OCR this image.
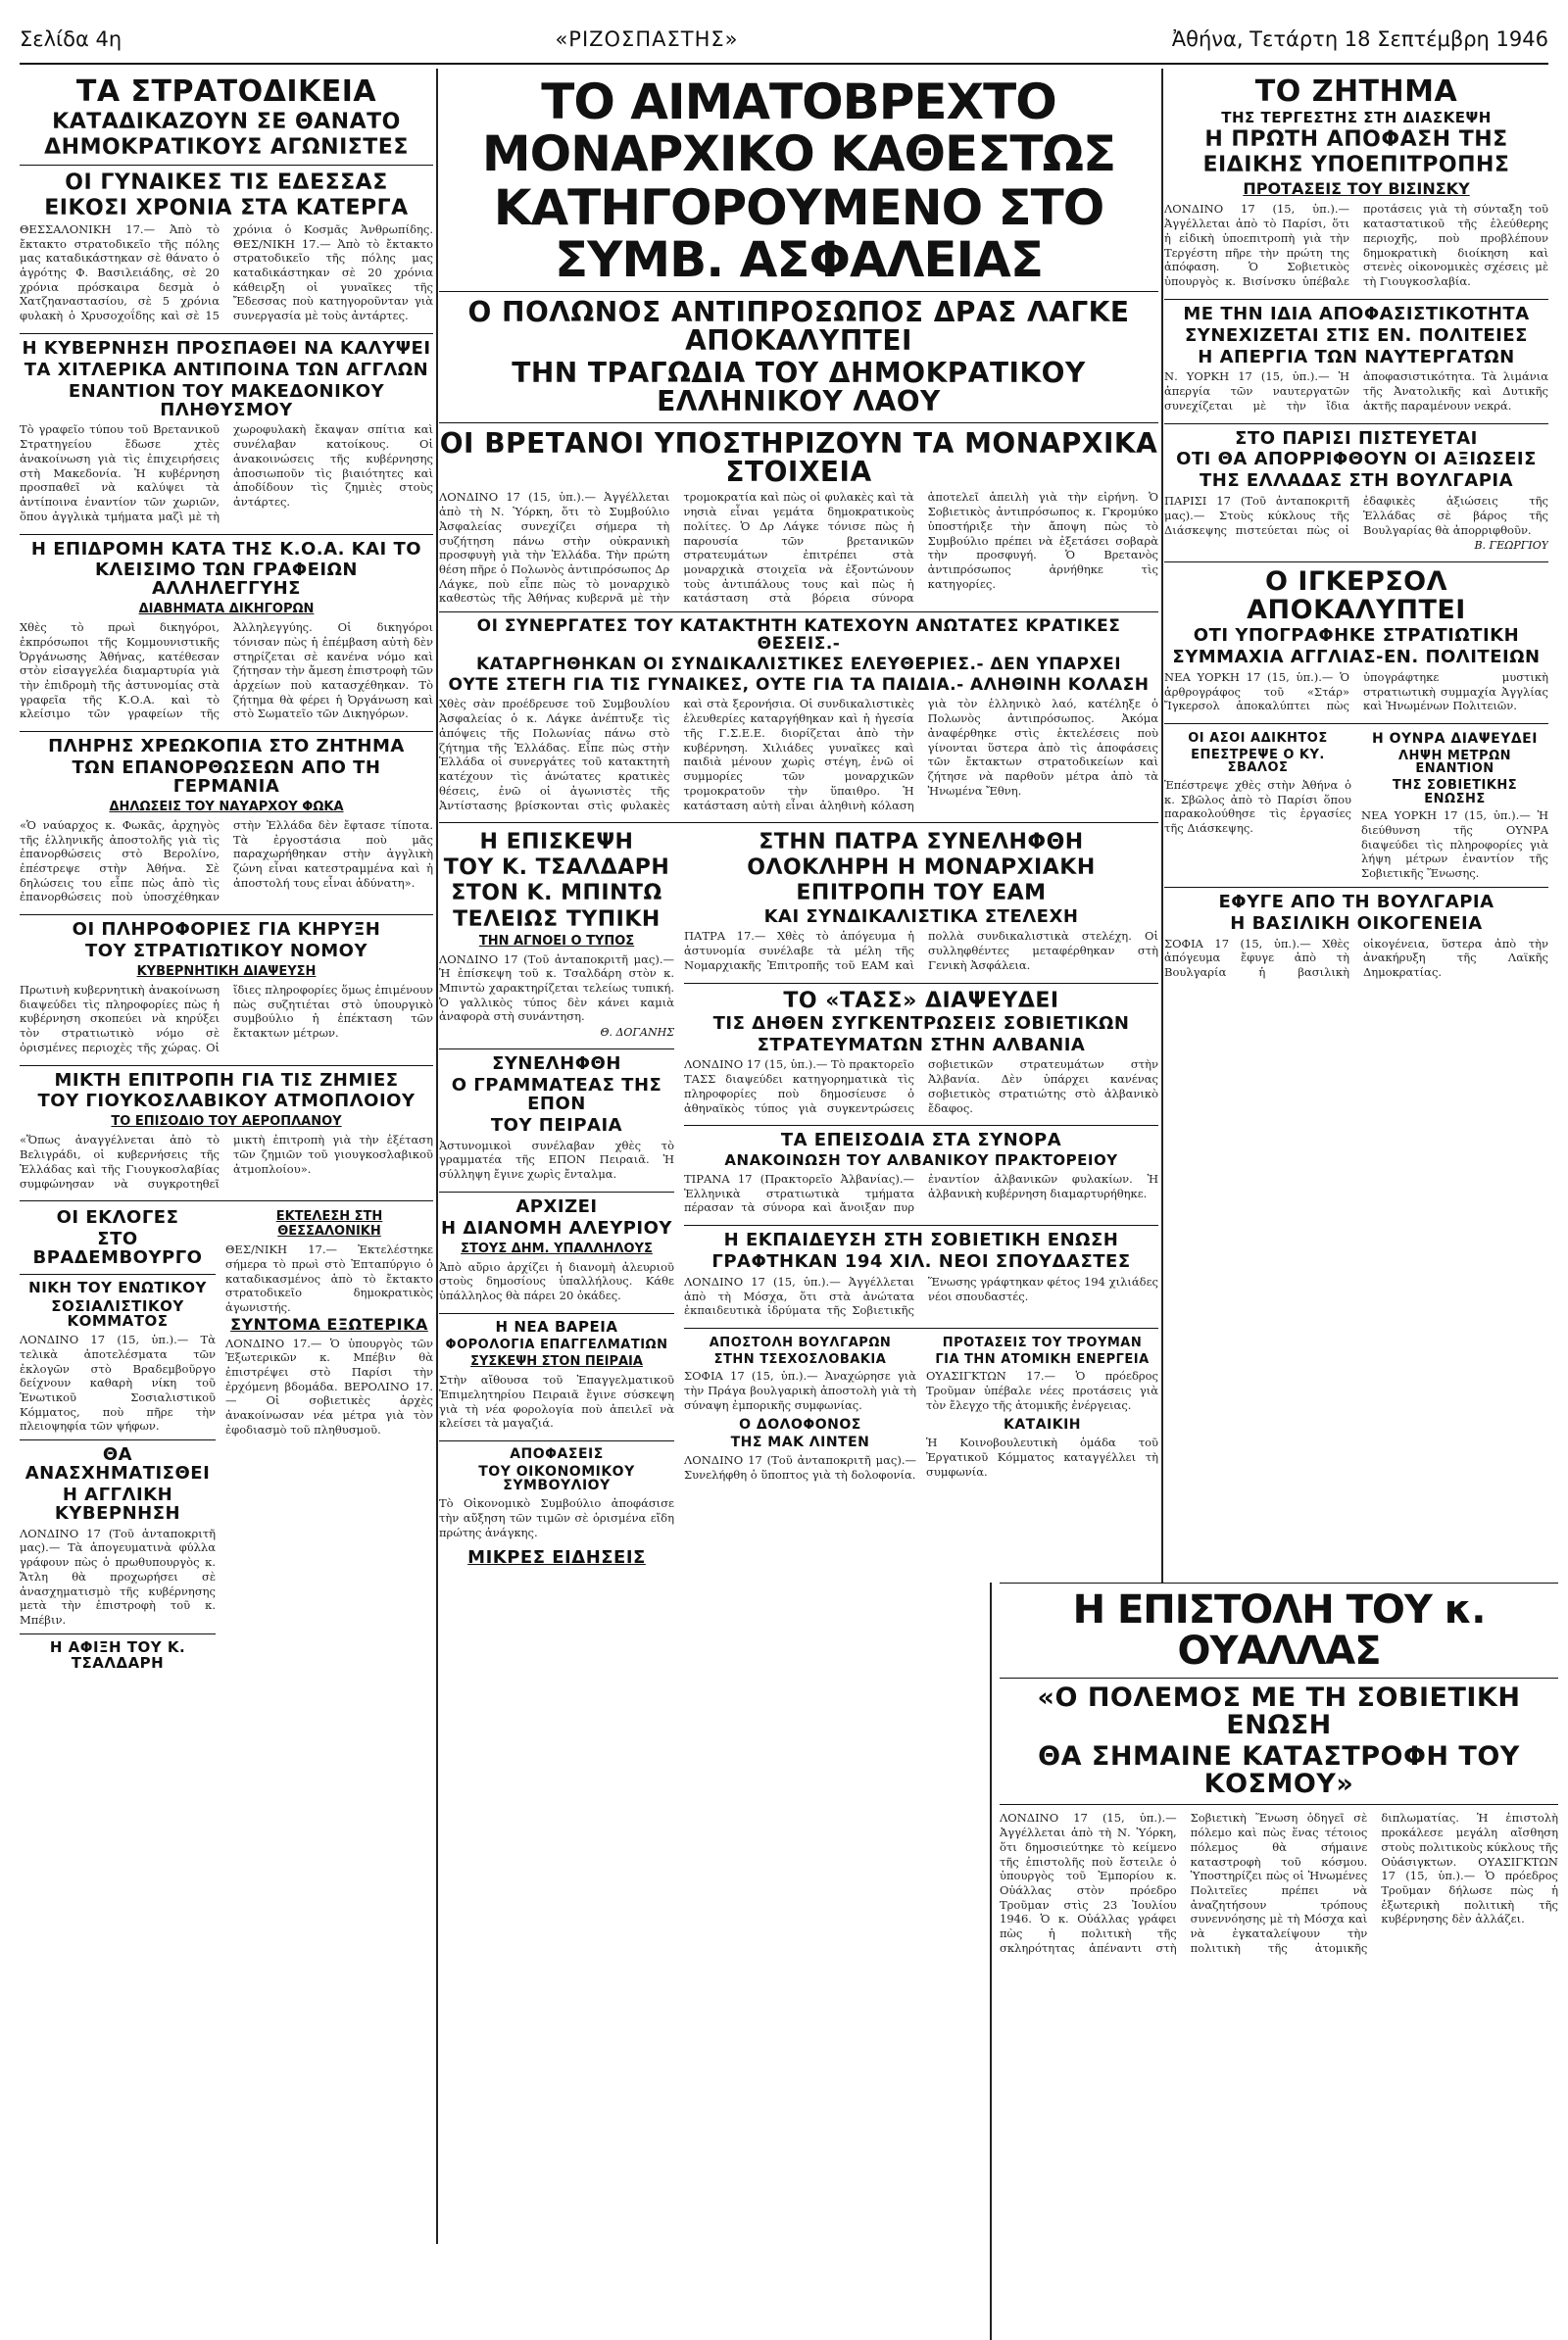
Σελίδα 4η	«ΡΙΖΟΣΠΑΣΤΗΣ»	Ἀθήνα, Τετάρτη 18 Σεπτέμβρη 1946
ΤΑ ΣΤΡΑΤΟΔΙΚΕΙΑ
ΚΑΤΑΔΙΚΑΖΟΥΝ ΣΕ ΘΑΝΑΤΟ
ΔΗΜΟΚΡΑΤΙΚΟΥΣ ΑΓΩΝΙΣΤΕΣ
ΟΙ ΓΥΝΑΙΚΕΣ ΤΙΣ ΕΔΕΣΣΑΣ
ΕΙΚΟΣΙ ΧΡΟΝΙΑ ΣΤΑ ΚΑΤΕΡΓΑ
ΘΕΣΣΑΛΟΝΙΚΗ 17.— Ἀπὸ τὸ ἔκτακτο στρατοδικεῖο τῆς πόλης μας καταδικάστηκαν σὲ θάνατο ὁ ἀγρότης Φ. Βασιλειάδης, σὲ 20 χρόνια πρόσκαιρα δεσμὰ ὁ Χατζηαναστασίου, σὲ 5 χρόνια φυλακὴ ὁ Χρυσοχοΐδης καὶ σὲ 15 χρόνια ὁ Κοσμᾶς Ἀνθρωπίδης. ΘΕΣ/ΝΙΚΗ 17.— Ἀπὸ τὸ ἔκτακτο στρατοδικεῖο τῆς πόλης μας καταδικάστηκαν σὲ 20 χρόνια κάθειρξη οἱ γυναῖκες τῆς Ἔδεσσας ποὺ κατηγοροῦνταν γιὰ συνεργασία μὲ τοὺς ἀντάρτες.
Η ΚΥΒΕΡΝΗΣΗ ΠΡΟΣΠΑΘΕΙ ΝΑ ΚΑΛΥΨΕΙ
ΤΑ ΧΙΤΛΕΡΙΚΑ ΑΝΤΙΠΟΙΝΑ ΤΩΝ ΑΓΓΛΩΝ
ΕΝΑΝΤΙΟΝ ΤΟΥ ΜΑΚΕΔΟΝΙΚΟΥ ΠΛΗΘΥΣΜΟΥ
Τὸ γραφεῖο τύπου τοῦ Βρετανικοῦ Στρατηγείου ἔδωσε χτὲς ἀνακοίνωση γιὰ τὶς ἐπιχειρήσεις στὴ Μακεδονία. Ἡ κυβέρνηση προσπαθεῖ νὰ καλύψει τὰ ἀντίποινα ἐναντίον τῶν χωριῶν, ὅπου ἀγγλικὰ τμήματα μαζὶ μὲ τὴ χωροφυλακὴ ἔκαψαν σπίτια καὶ συνέλαβαν κατοίκους. Οἱ ἀνακοινώσεις τῆς κυβέρνησης ἀποσιωποῦν τὶς βιαιότητες καὶ ἀποδίδουν τὶς ζημιὲς στοὺς ἀντάρτες.
Η ΕΠΙΔΡΟΜΗ ΚΑΤΑ ΤΗΣ Κ.Ο.Α. ΚΑΙ ΤΟ
ΚΛΕΙΣΙΜΟ ΤΩΝ ΓΡΑΦΕΙΩΝ ΑΛΛΗΛΕΓΓΥΗΣ
ΔΙΑΒΗΜΑΤΑ ΔΙΚΗΓΟΡΩΝ
Χθὲς τὸ πρωὶ δικηγόροι, ἐκπρόσωποι τῆς Κομμουνιστικῆς Ὀργάνωσης Ἀθήνας, κατέθεσαν στὸν εἰσαγγελέα διαμαρτυρία γιὰ τὴν ἐπιδρομὴ τῆς ἀστυνομίας στὰ γραφεῖα τῆς Κ.Ο.Α. καὶ τὸ κλείσιμο τῶν γραφείων τῆς Ἀλληλεγγύης. Οἱ δικηγόροι τόνισαν πὼς ἡ ἐπέμβαση αὐτὴ δὲν στηρίζεται σὲ κανένα νόμο καὶ ζήτησαν τὴν ἄμεση ἐπιστροφὴ τῶν ἀρχείων ποὺ κατασχέθηκαν. Τὸ ζήτημα θὰ φέρει ἡ Ὀργάνωση καὶ στὸ Σωματεῖο τῶν Δικηγόρων.
ΠΛΗΡΗΣ ΧΡΕΩΚΟΠΙΑ ΣΤΟ ΖΗΤΗΜΑ
ΤΩΝ ΕΠΑΝΟΡΘΩΣΕΩΝ ΑΠΟ ΤΗ ΓΕΡΜΑΝΙΑ
ΔΗΛΩΣΕΙΣ ΤΟΥ ΝΑΥΑΡΧΟΥ ΦΩΚΑ
«Ὁ ναύαρχος κ. Φωκᾶς, ἀρχηγὸς τῆς ἑλληνικῆς ἀποστολῆς γιὰ τὶς ἐπανορθώσεις στὸ Βερολίνο, ἐπέστρεψε στὴν Ἀθήνα. Σὲ δηλώσεις του εἶπε πὼς ἀπὸ τὶς ἐπανορθώσεις ποὺ ὑποσχέθηκαν στὴν Ἑλλάδα δὲν ἔφτασε τίποτα. Τὰ ἐργοστάσια ποὺ μᾶς παραχωρήθηκαν στὴν ἀγγλικὴ ζώνη εἶναι κατεστραμμένα καὶ ἡ ἀποστολή τους εἶναι ἀδύνατη».
ΟΙ ΠΛΗΡΟΦΟΡΙΕΣ ΓΙΑ ΚΗΡΥΞΗ
ΤΟΥ ΣΤΡΑΤΙΩΤΙΚΟΥ ΝΟΜΟΥ
ΚΥΒΕΡΝΗΤΙΚΗ ΔΙΑΨΕΥΣΗ
Πρωτινὴ κυβερνητικὴ ἀνακοίνωση διαψεύδει τὶς πληροφορίες πὼς ἡ κυβέρνηση σκοπεύει νὰ κηρύξει τὸν στρατιωτικὸ νόμο σὲ ὁρισμένες περιοχὲς τῆς χώρας. Οἱ ἴδιες πληροφορίες ὅμως ἐπιμένουν πὼς συζητιέται στὸ ὑπουργικὸ συμβούλιο ἡ ἐπέκταση τῶν ἔκτακτων μέτρων.
ΜΙΚΤΗ ΕΠΙΤΡΟΠΗ ΓΙΑ ΤΙΣ ΖΗΜΙΕΣ
ΤΟΥ ΓΙΟΥΚΟΣΛΑΒΙΚΟΥ ΑΤΜΟΠΛΟΙΟΥ
ΤΟ ΕΠΙΣΟΔΙΟ ΤΟΥ ΑΕΡΟΠΛΑΝΟΥ
«Ὅπως ἀναγγέλνεται ἀπὸ τὸ Βελιγράδι, οἱ κυβερνήσεις τῆς Ἑλλάδας καὶ τῆς Γιουγκοσλαβίας συμφώνησαν νὰ συγκροτηθεῖ μικτὴ ἐπιτροπὴ γιὰ τὴν ἐξέταση τῶν ζημιῶν τοῦ γιουγκοσλαβικοῦ ἀτμοπλοίου».
ΟΙ ΕΚΛΟΓΕΣ
ΣΤΟ ΒΡΑΔΕΜΒΟΥΡΓΟ
ΝΙΚΗ ΤΟΥ ΕΝΩΤΙΚΟΥ
ΣΟΣΙΑΛΙΣΤΙΚΟΥ ΚΟΜΜΑΤΟΣ
ΛΟΝΔΙΝΟ 17 (15, ὑπ.).— Τὰ τελικὰ ἀποτελέσματα τῶν ἐκλογῶν στὸ Βραδεμβοῦργο δείχνουν καθαρὴ νίκη τοῦ Ἑνωτικοῦ Σοσιαλιστικοῦ Κόμματος, ποὺ πῆρε τὴν πλειοψηφία τῶν ψήφων.
ΘΑ ΑΝΑΣΧΗΜΑΤΙΣΘΕΙ
Η ΑΓΓΛΙΚΗ ΚΥΒΕΡΝΗΣΗ
ΛΟΝΔΙΝΟ 17 (Τοῦ ἀνταποκριτῆ μας).— Τὰ ἀπογευματινὰ φύλλα γράφουν πὼς ὁ πρωθυπουργὸς κ. Ἄτλη θὰ προχωρήσει σὲ ἀνασχηματισμὸ τῆς κυβέρνησης μετὰ τὴν ἐπιστροφὴ τοῦ κ. Μπέβιν.
Η ΑΦΙΞΗ ΤΟΥ Κ. ΤΣΑΛΔΑΡΗ
ΕΚΤΕΛΕΣΗ ΣΤΗ ΘΕΣΣΑΛΟΝΙΚΗ
ΘΕΣ/ΝΙΚΗ 17.— Ἐκτελέστηκε σήμερα τὸ πρωὶ στὸ Ἐπταπύργιο ὁ καταδικασμένος ἀπὸ τὸ ἔκτακτο στρατοδικεῖο δημοκρατικὸς ἀγωνιστής.
ΣΥΝΤΟΜΑ ΕΞΩΤΕΡΙΚΑ
ΛΟΝΔΙΝΟ 17.— Ὁ ὑπουργὸς τῶν Ἐξωτερικῶν κ. Μπέβιν θὰ ἐπιστρέψει στὸ Παρίσι τὴν ἐρχόμενη βδομάδα. ΒΕΡΟΛΙΝΟ 17.— Οἱ σοβιετικὲς ἀρχὲς ἀνακοίνωσαν νέα μέτρα γιὰ τὸν ἐφοδιασμὸ τοῦ πληθυσμοῦ.
ΤΟ ΑΙΜΑΤΟΒΡΕΧΤΟ ΜΟΝΑΡΧΙΚΟ ΚΑΘΕΣΤΩΣ
ΚΑΤΗΓΟΡΟΥΜΕΝΟ ΣΤΟ ΣΥΜΒ. ΑΣΦΑΛΕΙΑΣ
Ο ΠΟΛΩΝΟΣ ΑΝΤΙΠΡΟΣΩΠΟΣ ΔΡΑΣ ΛΑΓΚΕ ΑΠΟΚΑΛΥΠΤΕΙ
ΤΗΝ ΤΡΑΓΩΔΙΑ ΤΟΥ ΔΗΜΟΚΡΑΤΙΚΟΥ ΕΛΛΗΝΙΚΟΥ ΛΑΟΥ
ΟΙ ΒΡΕΤΑΝΟΙ ΥΠΟΣΤΗΡΙΖΟΥΝ ΤΑ ΜΟΝΑΡΧΙΚΑ ΣΤΟΙΧΕΙΑ
ΛΟΝΔΙΝΟ 17 (15, ὑπ.).— Ἀγγέλλεται ἀπὸ τὴ Ν. Ὑόρκη, ὅτι τὸ Συμβούλιο Ἀσφαλείας συνεχίζει σήμερα τὴ συζήτηση πάνω στὴν οὐκρανικὴ προσφυγὴ γιὰ τὴν Ἑλλάδα. Τὴν πρώτη θέση πῆρε ὁ Πολωνὸς ἀντιπρόσωπος Δρ Λάγκε, ποὺ εἶπε πὼς τὸ μοναρχικὸ καθεστὼς τῆς Ἀθήνας κυβερνᾶ μὲ τὴν τρομοκρατία καὶ πὼς οἱ φυλακὲς καὶ τὰ νησιὰ εἶναι γεμάτα δημοκρατικοὺς πολίτες. Ὁ Δρ Λάγκε τόνισε πὼς ἡ παρουσία τῶν βρετανικῶν στρατευμάτων ἐπιτρέπει στὰ μοναρχικὰ στοιχεῖα νὰ ἐξοντώνουν τοὺς ἀντιπάλους τους καὶ πὼς ἡ κατάσταση στὰ βόρεια σύνορα ἀποτελεῖ ἀπειλὴ γιὰ τὴν εἰρήνη. Ὁ Σοβιετικὸς ἀντιπρόσωπος κ. Γκρομύκο ὑποστήριξε τὴν ἄποψη πὼς τὸ Συμβούλιο πρέπει νὰ ἐξετάσει σοβαρὰ τὴν προσφυγή. Ὁ Βρετανὸς ἀντιπρόσωπος ἀρνήθηκε τὶς κατηγορίες.
ΟΙ ΣΥΝΕΡΓΑΤΕΣ ΤΟΥ ΚΑΤΑΚΤΗΤΗ ΚΑΤΕΧΟΥΝ ΑΝΩΤΑΤΕΣ ΚΡΑΤΙΚΕΣ ΘΕΣΕΙΣ.-
ΚΑΤΑΡΓΗΘΗΚΑΝ ΟΙ ΣΥΝΔΙΚΑΛΙΣΤΙΚΕΣ ΕΛΕΥΘΕΡΙΕΣ.- ΔΕΝ ΥΠΑΡΧΕΙ
ΟΥΤΕ ΣΤΕΓΗ ΓΙΑ ΤΙΣ ΓΥΝΑΙΚΕΣ, ΟΥΤΕ ΓΙΑ ΤΑ ΠΑΙΔΙΑ.- ΑΛΗΘΙΝΗ ΚΟΛΑΣΗ
Χθὲς σὰν προέδρευσε τοῦ Συμβουλίου Ἀσφαλείας ὁ κ. Λάγκε ἀνέπτυξε τὶς ἀπόψεις τῆς Πολωνίας πάνω στὸ ζήτημα τῆς Ἑλλάδας. Εἶπε πὼς στὴν Ἑλλάδα οἱ συνεργάτες τοῦ κατακτητὴ κατέχουν τὶς ἀνώτατες κρατικὲς θέσεις, ἐνῶ οἱ ἀγωνιστὲς τῆς Ἀντίστασης βρίσκονται στὶς φυλακὲς καὶ στὰ ξερονήσια. Οἱ συνδικαλιστικὲς ἐλευθερίες καταργήθηκαν καὶ ἡ ἡγεσία τῆς Γ.Σ.Ε.Ε. διορίζεται ἀπὸ τὴν κυβέρνηση. Χιλιάδες γυναῖκες καὶ παιδιὰ μένουν χωρὶς στέγη, ἐνῶ οἱ συμμορίες τῶν μοναρχικῶν τρομοκρατοῦν τὴν ὕπαιθρο. Ἡ κατάσταση αὐτὴ εἶναι ἀληθινὴ κόλαση γιὰ τὸν ἑλληνικὸ λαό, κατέληξε ὁ Πολωνὸς ἀντιπρόσωπος. Ἀκόμα ἀναφέρθηκε στὶς ἐκτελέσεις ποὺ γίνονται ὕστερα ἀπὸ τὶς ἀποφάσεις τῶν ἔκτακτων στρατοδικείων καὶ ζήτησε νὰ παρθοῦν μέτρα ἀπὸ τὰ Ἡνωμένα Ἔθνη.
Η ΕΠΙΣΚΕΨΗ
ΤΟΥ Κ. ΤΣΑΛΔΑΡΗ
ΣΤΟΝ Κ. ΜΠΙΝΤΩ
ΤΕΛΕΙΩΣ ΤΥΠΙΚΗ
ΤΗΝ ΑΓΝΟΕΙ Ο ΤΥΠΟΣ
ΛΟΝΔΙΝΟ 17 (Τοῦ ἀνταποκριτῆ μας).— Ἡ ἐπίσκεψη τοῦ κ. Τσαλδάρη στὸν κ. Μπιντὼ χαρακτηρίζεται τελείως τυπική. Ὁ γαλλικὸς τύπος δὲν κάνει καμιὰ ἀναφορὰ στὴ συνάντηση.
Θ. ΔΟΓΑΝΗΣ
ΣΥΝΕΛΗΦΘΗ
Ο ΓΡΑΜΜΑΤΕΑΣ ΤΗΣ ΕΠΟΝ
ΤΟΥ ΠΕΙΡΑΙΑ
Ἀστυνομικοὶ συνέλαβαν χθὲς τὸ γραμματέα τῆς ΕΠΟΝ Πειραιᾶ. Ἡ σύλληψη ἔγινε χωρὶς ἔνταλμα.
ΑΡΧΙΖΕΙ
Η ΔΙΑΝΟΜΗ ΑΛΕΥΡΙΟΥ
ΣΤΟΥΣ ΔΗΜ. ΥΠΑΛΛΗΛΟΥΣ
Ἀπὸ αὔριο ἀρχίζει ἡ διανομὴ ἀλευριοῦ στοὺς δημοσίους ὑπαλλήλους. Κάθε ὑπάλληλος θὰ πάρει 20 ὀκάδες.
Η ΝΕΑ ΒΑΡΕΙΑ
ΦΟΡΟΛΟΓΙΑ ΕΠΑΓΓΕΛΜΑΤΙΩΝ
ΣΥΣΚΕΨΗ ΣΤΟΝ ΠΕΙΡΑΙΑ
Στὴν αἴθουσα τοῦ Ἐπαγγελματικοῦ Ἐπιμελητηρίου Πειραιᾶ ἔγινε σύσκεψη γιὰ τὴ νέα φορολογία ποὺ ἀπειλεῖ νὰ κλείσει τὰ μαγαζιά.
ΑΠΟΦΑΣΕΙΣ
ΤΟΥ ΟΙΚΟΝΟΜΙΚΟΥ ΣΥΜΒΟΥΛΙΟΥ
Τὸ Οἰκονομικὸ Συμβούλιο ἀποφάσισε τὴν αὔξηση τῶν τιμῶν σὲ ὁρισμένα εἴδη πρώτης ἀνάγκης.
ΜΙΚΡΕΣ ΕΙΔΗΣΕΙΣ
ΣΤΗΝ ΠΑΤΡΑ ΣΥΝΕΛΗΦΘΗ
ΟΛΟΚΛΗΡΗ Η ΜΟΝΑΡΧΙΑΚΗ
ΕΠΙΤΡΟΠΗ ΤΟΥ ΕΑΜ
ΚΑΙ ΣΥΝΔΙΚΑΛΙΣΤΙΚΑ ΣΤΕΛΕΧΗ
ΠΑΤΡΑ 17.— Χθὲς τὸ ἀπόγευμα ἡ ἀστυνομία συνέλαβε τὰ μέλη τῆς Νομαρχιακῆς Ἐπιτροπῆς τοῦ ΕΑΜ καὶ πολλὰ συνδικαλιστικὰ στελέχη. Οἱ συλληφθέντες μεταφέρθηκαν στὴ Γενικὴ Ἀσφάλεια.
ΤΟ «ΤΑΣΣ» ΔΙΑΨΕΥΔΕΙ
ΤΙΣ ΔΗΘΕΝ ΣΥΓΚΕΝΤΡΩΣΕΙΣ ΣΟΒΙΕΤΙΚΩΝ
ΣΤΡΑΤΕΥΜΑΤΩΝ ΣΤΗΝ ΑΛΒΑΝΙΑ
ΛΟΝΔΙΝΟ 17 (15, ὑπ.).— Τὸ πρακτορεῖο ΤΑΣΣ διαψεύδει κατηγορηματικὰ τὶς πληροφορίες ποὺ δημοσίευσε ὁ ἀθηναϊκὸς τύπος γιὰ συγκεντρώσεις σοβιετικῶν στρατευμάτων στὴν Ἀλβανία. Δὲν ὑπάρχει κανένας σοβιετικὸς στρατιώτης στὸ ἀλβανικὸ ἔδαφος.
ΤΑ ΕΠΕΙΣΟΔΙΑ ΣΤΑ ΣΥΝΟΡΑ
ΑΝΑΚΟΙΝΩΣΗ ΤΟΥ ΑΛΒΑΝΙΚΟΥ ΠΡΑΚΤΟΡΕΙΟΥ
ΤΙΡΑΝΑ 17 (Πρακτορεῖο Ἀλβανίας).— Ἑλληνικὰ στρατιωτικὰ τμήματα πέρασαν τὰ σύνορα καὶ ἄνοιξαν πυρ ἐναντίον ἀλβανικῶν φυλακίων. Ἡ ἀλβανικὴ κυβέρνηση διαμαρτυρήθηκε.
Η ΕΚΠΑΙΔΕΥΣΗ ΣΤΗ ΣΟΒΙΕΤΙΚΗ ΕΝΩΣΗ
ΓΡΑΦΤΗΚΑΝ 194 ΧΙΛ. ΝΕΟΙ ΣΠΟΥΔΑΣΤΕΣ
ΛΟΝΔΙΝΟ 17 (15, ὑπ.).— Ἀγγέλλεται ἀπὸ τὴ Μόσχα, ὅτι στὰ ἀνώτατα ἐκπαιδευτικὰ ἱδρύματα τῆς Σοβιετικῆς Ἕνωσης γράφτηκαν φέτος 194 χιλιάδες νέοι σπουδαστές.
ΑΠΟΣΤΟΛΗ ΒΟΥΛΓΑΡΩΝ
ΣΤΗΝ ΤΣΕΧΟΣΛΟΒΑΚΙΑ
ΣΟΦΙΑ 17 (15, ὑπ.).— Ἀναχώρησε γιὰ τὴν Πράγα βουλγαρικὴ ἀποστολὴ γιὰ τὴ σύναψη ἐμπορικῆς συμφωνίας.
Ο ΔΟΛΟΦΟΝΟΣ
ΤΗΣ ΜΑΚ ΛΙΝΤΕΝ
ΛΟΝΔΙΝΟ 17 (Τοῦ ἀνταποκριτῆ μας).— Συνελήφθη ὁ ὕποπτος γιὰ τὴ δολοφονία.
ΠΡΟΤΑΣΕΙΣ ΤΟΥ ΤΡΟΥΜΑΝ
ΓΙΑ ΤΗΝ ΑΤΟΜΙΚΗ ΕΝΕΡΓΕΙΑ
ΟΥΑΣΙΓΚΤΩΝ 17.— Ὁ πρόεδρος Τροῦμαν ὑπέβαλε νέες προτάσεις γιὰ τὸν ἔλεγχο τῆς ἀτομικῆς ἐνέργειας.
ΚΑΤΑΙΚΙΗ
Ἡ Κοινοβουλευτικὴ ὁμάδα τοῦ Ἐργατικοῦ Κόμματος καταγγέλλει τὴ συμφωνία.
ΤΟ ΖΗΤΗΜΑ
ΤΗΣ ΤΕΡΓΕΣΤΗΣ ΣΤΗ ΔΙΑΣΚΕΨΗ
Η ΠΡΩΤΗ ΑΠΟΦΑΣΗ ΤΗΣ
ΕΙΔΙΚΗΣ ΥΠΟΕΠΙΤΡΟΠΗΣ
ΠΡΟΤΑΣΕΙΣ ΤΟΥ ΒΙΣΙΝΣΚΥ
ΛΟΝΔΙΝΟ 17 (15, ὑπ.).— Ἀγγέλλεται ἀπὸ τὸ Παρίσι, ὅτι ἡ εἰδικὴ ὑποεπιτροπὴ γιὰ τὴν Τεργέστη πῆρε τὴν πρώτη της ἀπόφαση. Ὁ Σοβιετικὸς ὑπουργὸς κ. Βισίνσκυ ὑπέβαλε προτάσεις γιὰ τὴ σύνταξη τοῦ καταστατικοῦ τῆς ἐλεύθερης περιοχῆς, ποὺ προβλέπουν δημοκρατικὴ διοίκηση καὶ στενὲς οἰκονομικὲς σχέσεις μὲ τὴ Γιουγκοσλαβία.
ΜΕ ΤΗΝ ΙΔΙΑ ΑΠΟΦΑΣΙΣΤΙΚΟΤΗΤΑ
ΣΥΝΕΧΙΖΕΤΑΙ ΣΤΙΣ ΕΝ. ΠΟΛΙΤΕΙΕΣ
Η ΑΠΕΡΓΙΑ ΤΩΝ ΝΑΥΤΕΡΓΑΤΩΝ
Ν. ΥΟΡΚΗ 17 (15, ὑπ.).— Ἡ ἀπεργία τῶν ναυτεργατῶν συνεχίζεται μὲ τὴν ἴδια ἀποφασιστικότητα. Τὰ λιμάνια τῆς Ἀνατολικῆς καὶ Δυτικῆς ἀκτῆς παραμένουν νεκρά.
ΣΤΟ ΠΑΡΙΣΙ ΠΙΣΤΕΥΕΤΑΙ
ΟΤΙ ΘΑ ΑΠΟΡΡΙΦΘΟΥΝ ΟΙ ΑΞΙΩΣΕΙΣ
ΤΗΣ ΕΛΛΑΔΑΣ ΣΤΗ ΒΟΥΛΓΑΡΙΑ
ΠΑΡΙΣΙ 17 (Τοῦ ἀνταποκριτῆ μας).— Στοὺς κύκλους τῆς Διάσκεψης πιστεύεται πὼς οἱ ἐδαφικὲς ἀξιώσεις τῆς Ἑλλάδας σὲ βάρος τῆς Βουλγαρίας θὰ ἀπορριφθοῦν.
Β. ΓΕΩΡΓΙΟΥ
Ο ΙΓΚΕΡΣΟΛ ΑΠΟΚΑΛΥΠΤΕΙ
ΟΤΙ ΥΠΟΓΡΑΦΗΚΕ ΣΤΡΑΤΙΩΤΙΚΗ
ΣΥΜΜΑΧΙΑ ΑΓΓΛΙΑΣ-ΕΝ. ΠΟΛΙΤΕΙΩΝ
ΝΕΑ ΥΟΡΚΗ 17 (15, ὑπ.).— Ὁ ἀρθρογράφος τοῦ «Στάρ» Ἴγκερσολ ἀποκαλύπτει πὼς ὑπογράφτηκε μυστικὴ στρατιωτικὴ συμμαχία Ἀγγλίας καὶ Ἡνωμένων Πολιτειῶν.
ΟΙ ΑΣΟΙ ΑΔΙΚΗΤΟΣ
ΕΠΕΣΤΡΕΨΕ Ο ΚΥ. ΣΒΑΛΟΣ
Ἐπέστρεψε χθὲς στὴν Ἀθήνα ὁ κ. Σβῶλος ἀπὸ τὸ Παρίσι ὅπου παρακολούθησε τὶς ἐργασίες τῆς Διάσκεψης.
Η ΟΥΝΡΑ ΔΙΑΨΕΥΔΕΙ
ΛΗΨΗ ΜΕΤΡΩΝ ΕΝΑΝΤΙΟΝ
ΤΗΣ ΣΟΒΙΕΤΙΚΗΣ ΕΝΩΣΗΣ
ΝΕΑ ΥΟΡΚΗ 17 (15, ὑπ.).— Ἡ διεύθυνση τῆς ΟΥΝΡΑ διαψεύδει τὶς πληροφορίες γιὰ λήψη μέτρων ἐναντίον τῆς Σοβιετικῆς Ἕνωσης.
ΕΦΥΓΕ ΑΠΟ ΤΗ ΒΟΥΛΓΑΡΙΑ
Η ΒΑΣΙΛΙΚΗ ΟΙΚΟΓΕΝΕΙΑ
ΣΟΦΙΑ 17 (15, ὑπ.).— Χθὲς ἀπόγευμα ἔφυγε ἀπὸ τὴ Βουλγαρία ἡ βασιλικὴ οἰκογένεια, ὕστερα ἀπὸ τὴν ἀνακήρυξη τῆς Λαϊκῆς Δημοκρατίας.
Η ΕΠΙΣΤΟΛΗ ΤΟΥ κ. ΟΥΑΛΛΑΣ
«Ο ΠΟΛΕΜΟΣ ΜΕ ΤΗ ΣΟΒΙΕΤΙΚΗ ΕΝΩΣΗ
ΘΑ ΣΗΜΑΙΝΕ ΚΑΤΑΣΤΡΟΦΗ ΤΟΥ ΚΟΣΜΟΥ»
ΛΟΝΔΙΝΟ 17 (15, ὑπ.).— Ἀγγέλλεται ἀπὸ τὴ Ν. Ὑόρκη, ὅτι δημοσιεύτηκε τὸ κείμενο τῆς ἐπιστολῆς ποὺ ἔστειλε ὁ ὑπουργὸς τοῦ Ἐμπορίου κ. Οὐάλλας στὸν πρόεδρο Τροῦμαν στὶς 23 Ἰουλίου 1946. Ὁ κ. Οὐάλλας γράφει πὼς ἡ πολιτικὴ τῆς σκληρότητας ἀπέναντι στὴ Σοβιετικὴ Ἕνωση ὁδηγεῖ σὲ πόλεμο καὶ πὼς ἕνας τέτοιος πόλεμος θὰ σήμαινε καταστροφὴ τοῦ κόσμου. Ὑποστηρίζει πὼς οἱ Ἡνωμένες Πολιτεῖες πρέπει νὰ ἀναζητήσουν τρόπους συνεννόησης μὲ τὴ Μόσχα καὶ νὰ ἐγκαταλείψουν τὴν πολιτικὴ τῆς ἀτομικῆς διπλωματίας. Ἡ ἐπιστολὴ προκάλεσε μεγάλη αἴσθηση στοὺς πολιτικοὺς κύκλους τῆς Οὐάσιγκτων. ΟΥΑΣΙΓΚΤΩΝ 17 (15, ὑπ.).— Ὁ πρόεδρος Τροῦμαν δήλωσε πὼς ἡ ἐξωτερικὴ πολιτικὴ τῆς κυβέρνησης δὲν ἀλλάζει.
